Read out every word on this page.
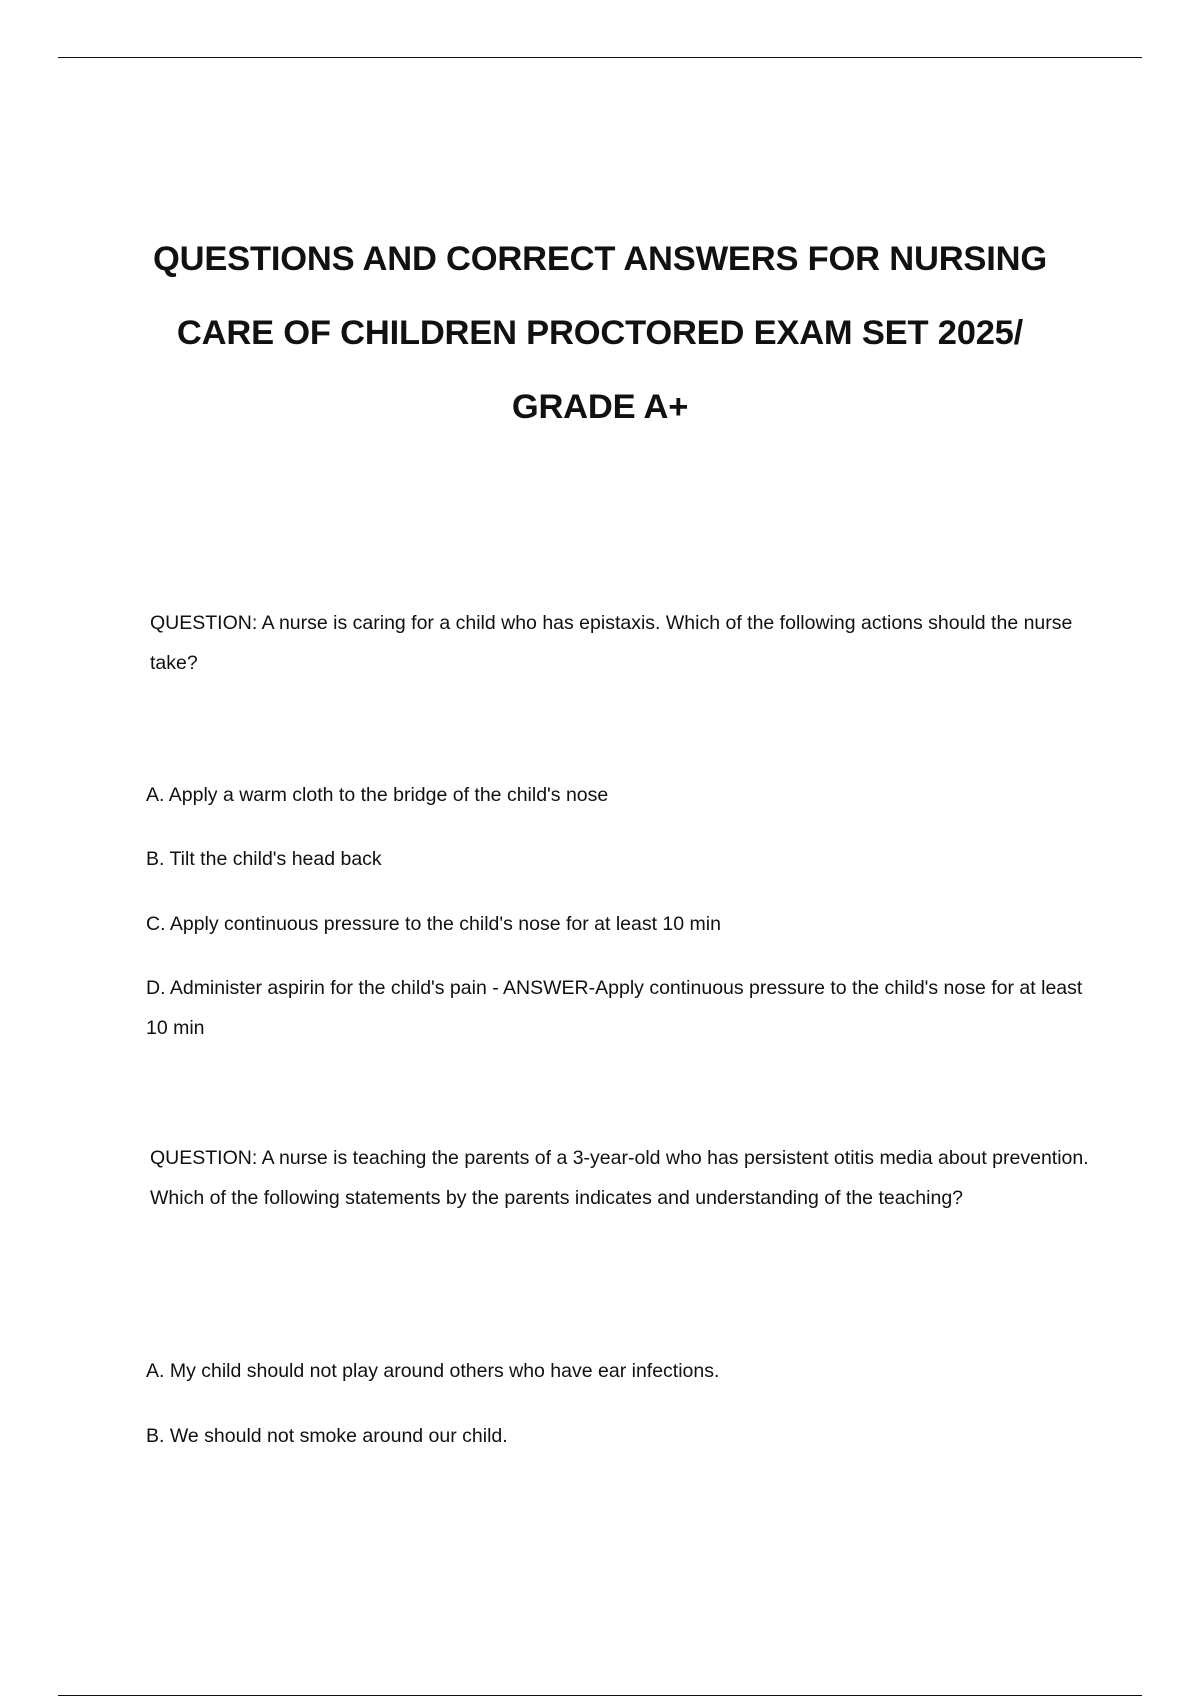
QUESTIONS AND CORRECT ANSWERS FOR NURSING
CARE OF CHILDREN PROCTORED EXAM SET 2025/
GRADE A+

QUESTION: A nurse is caring for a child who has epistaxis. Which of the following actions should the nurse take?

A. Apply a warm cloth to the bridge of the child's nose

B. Tilt the child's head back

C. Apply continuous pressure to the child's nose for at least 10 min

D. Administer aspirin for the child's pain - ANSWER-Apply continuous pressure to the child's nose for at least 10 min

QUESTION: A nurse is teaching the parents of a 3-year-old who has persistent otitis media about prevention. Which of the following statements by the parents indicates and understanding of the teaching?

A. My child should not play around others who have ear infections.

B. We should not smoke around our child.
